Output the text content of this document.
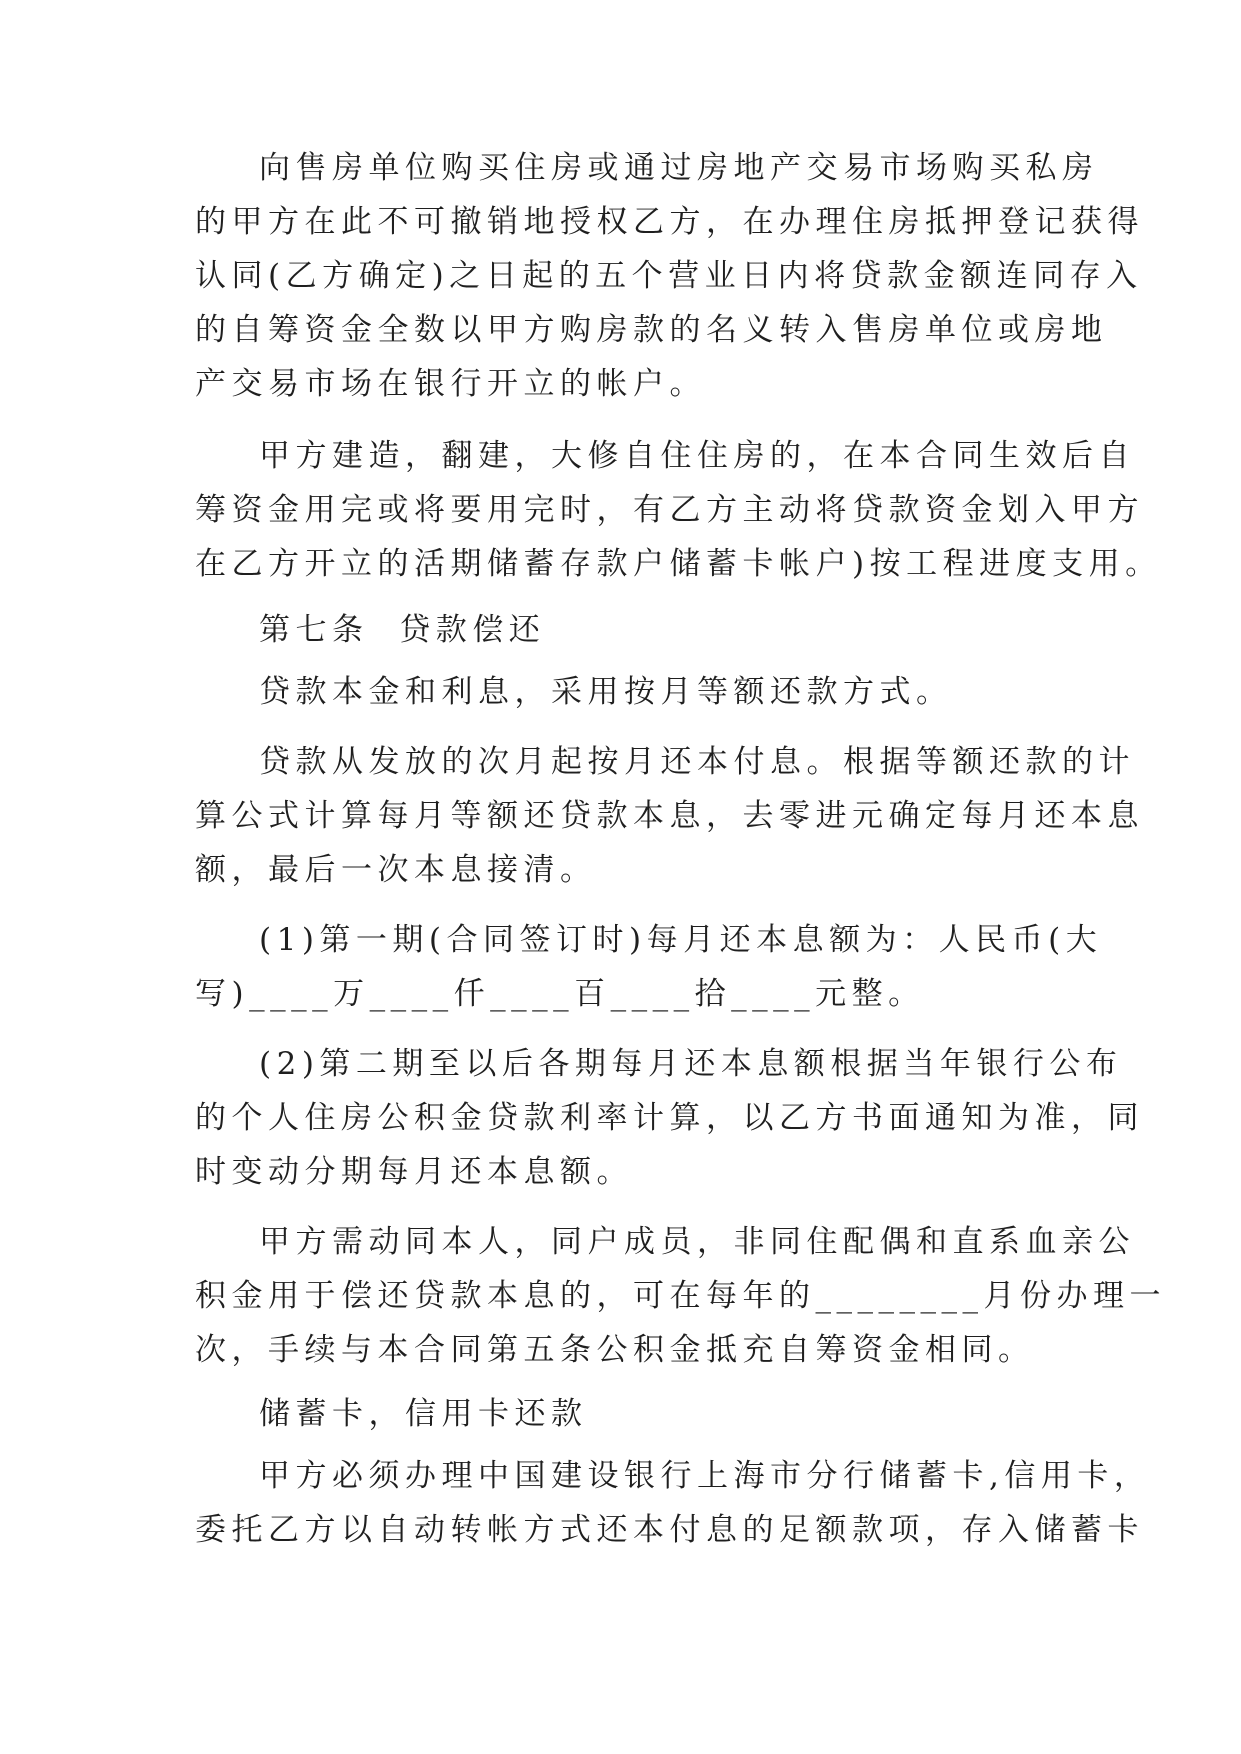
向售房单位购买住房或通过房地产交易市场购买私房
的甲方在此不可撤销地授权乙方，在办理住房抵押登记获得
认同(乙方确定)之日起的五个营业日内将贷款金额连同存入
的自筹资金全数以甲方购房款的名义转入售房单位或房地
产交易市场在银行开立的帐户。
甲方建造，翻建，大修自住住房的，在本合同生效后自
筹资金用完或将要用完时，有乙方主动将贷款资金划入甲方
在乙方开立的活期储蓄存款户储蓄卡帐户)按工程进度支用。
第七条  贷款偿还
贷款本金和利息，采用按月等额还款方式。
贷款从发放的次月起按月还本付息。根据等额还款的计
算公式计算每月等额还贷款本息，去零进元确定每月还本息
额，最后一次本息接清。
(1)第一期(合同签订时)每月还本息额为：人民币(大
写)____万____仟____百____拾____元整。
(2)第二期至以后各期每月还本息额根据当年银行公布
的个人住房公积金贷款利率计算，以乙方书面通知为准，同
时变动分期每月还本息额。
甲方需动同本人，同户成员，非同住配偶和直系血亲公
积金用于偿还贷款本息的，可在每年的________月份办理一
次，手续与本合同第五条公积金抵充自筹资金相同。
储蓄卡，信用卡还款
甲方必须办理中国建设银行上海市分行储蓄卡,信用卡，
委托乙方以自动转帐方式还本付息的足额款项，存入储蓄卡
